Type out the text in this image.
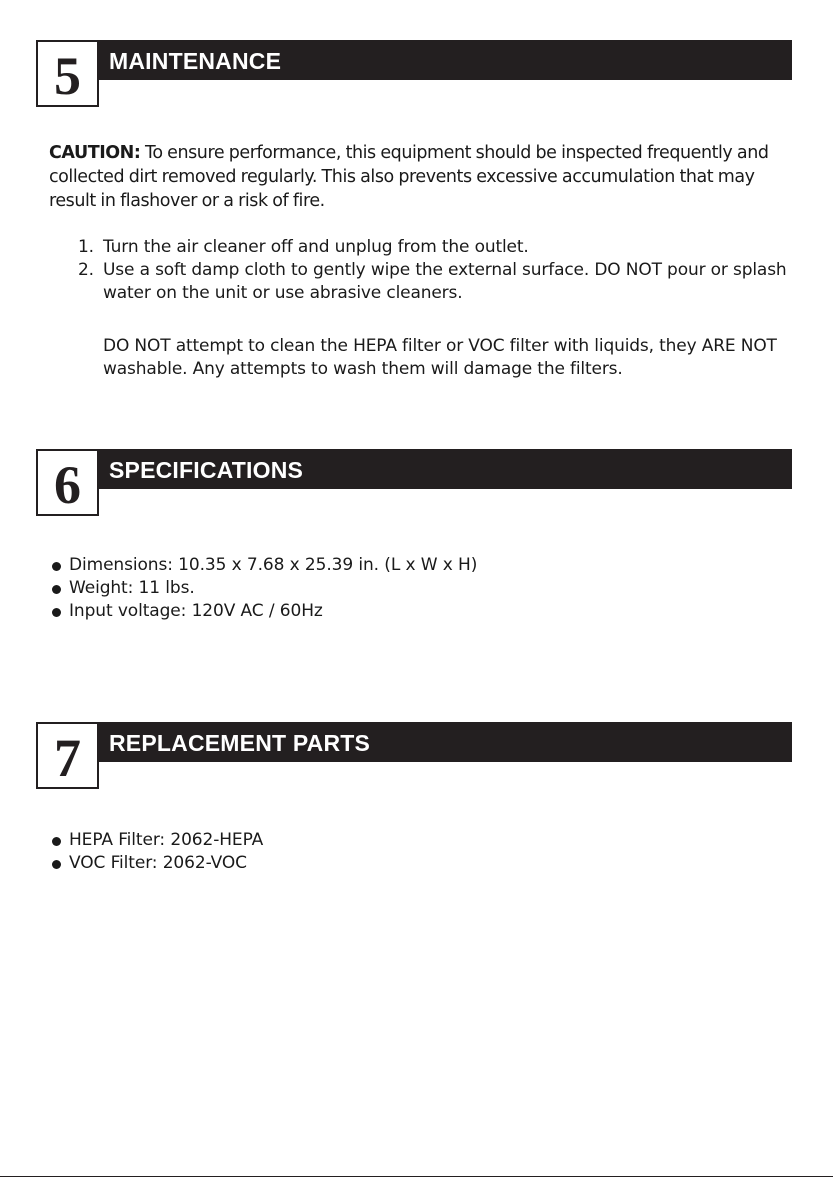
MAINTENANCE
5

CAUTION: To ensure performance, this equipment should be inspected frequently and collected dirt removed regularly. This also prevents excessive accumulation that may result in flashover or a risk of fire.

1. Turn the air cleaner off and unplug from the outlet.
2. Use a soft damp cloth to gently wipe the external surface. DO NOT pour or splash water on the unit or use abrasive cleaners.

DO NOT attempt to clean the HEPA filter or VOC filter with liquids, they ARE NOT washable. Any attempts to wash them will damage the filters.

SPECIFICATIONS
6
Dimensions: 10.35 x 7.68 x 25.39 in. (L x W x H)
Weight: 11 lbs.
Input voltage: 120V AC / 60Hz
REPLACEMENT PARTS
7
HEPA Filter: 2062-HEPA
VOC Filter: 2062-VOC
